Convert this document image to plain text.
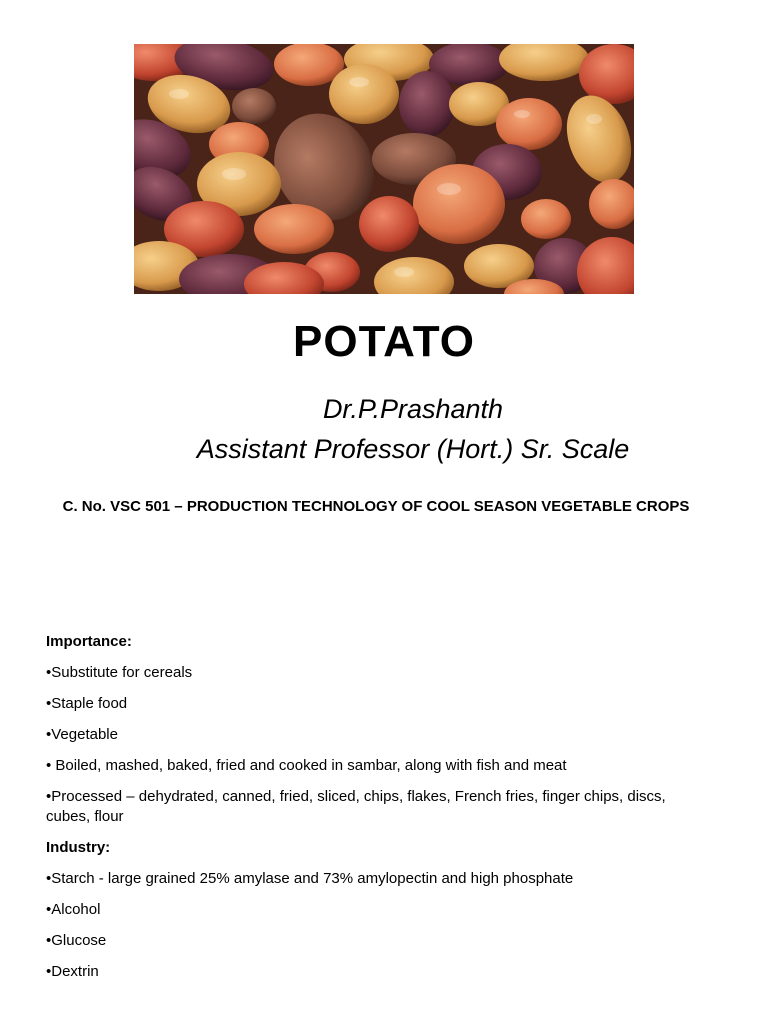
POTATO
Dr.P.Prashanth
Assistant Professor (Hort.) Sr. Scale
C. No. VSC 501 – PRODUCTION TECHNOLOGY OF COOL SEASON VEGETABLE CROPS

Importance:

•Substitute for cereals

•Staple food

•Vegetable

• Boiled, mashed, baked, fried and cooked in sambar, along with fish and meat

•Processed – dehydrated, canned, fried, sliced, chips, flakes, French fries, finger chips, discs, cubes, flour

Industry:

•Starch - large grained 25% amylase and 73% amylopectin and high phosphate

•Alcohol

•Glucose

•Dextrin
